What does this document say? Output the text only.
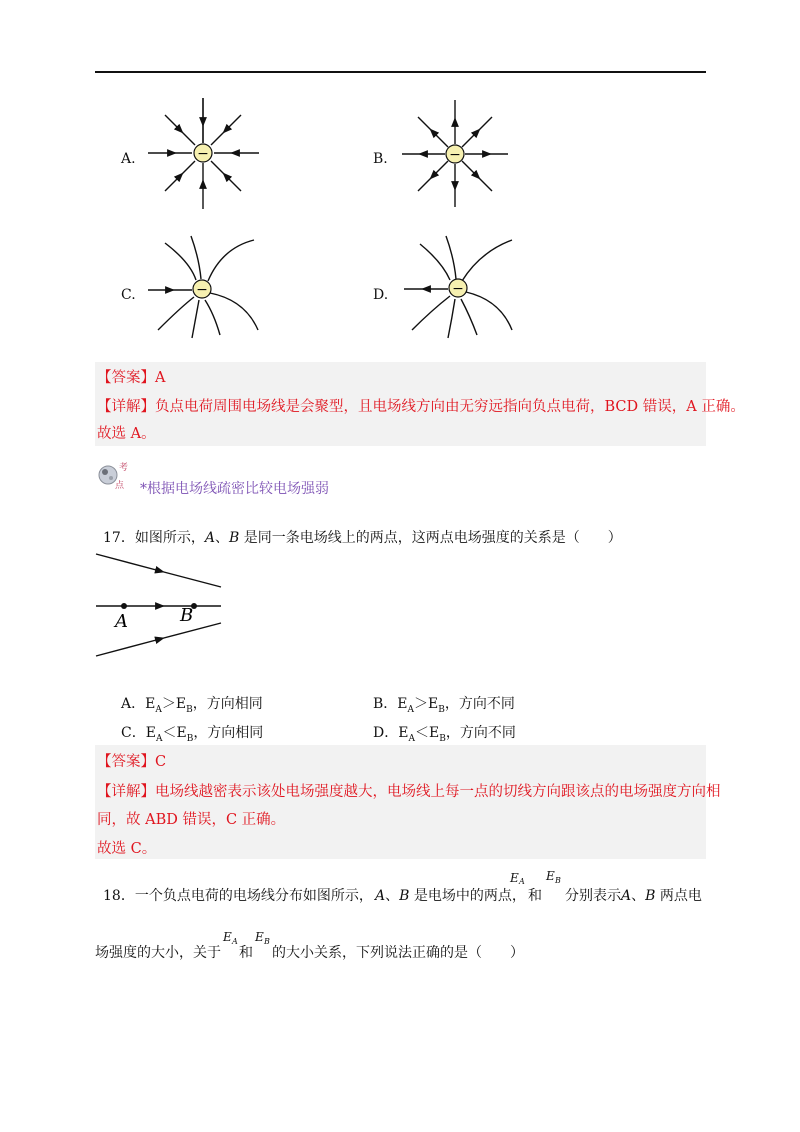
A.	B.
C.	D.
−	−
−	−
【答案】A
【详解】负点电荷周围电场线是会聚型，且电场线方向由无穷远指向负点电荷，BCD 错误，A 正确。
故选 A。
考
点 *根据电场线疏密比较电场强弱
17．如图所示，A、B 是同一条电场线上的两点，这两点电场强度的关系是（　　）
A	B
A．$E_A>E_B$，方向相同	B．$E_A>E_B$，方向不同
C．$E_A<E_B$，方向相同	D．$E_A<E_B$，方向不同
【答案】C
【详解】电场线越密表示该处电场强度越大，电场线上每一点的切线方向跟该点的电场强度方向相
同，故 ABD 错误，C 正确。
故选 C。
18．一个负点电荷的电场线分布如图所示， A、B 是电场中的两点，
E A
和
E B
分别表示A、B 两点电
场强度的大小，关于
E A
和
E B
的大小关系，下列说法正确的是（　　）
